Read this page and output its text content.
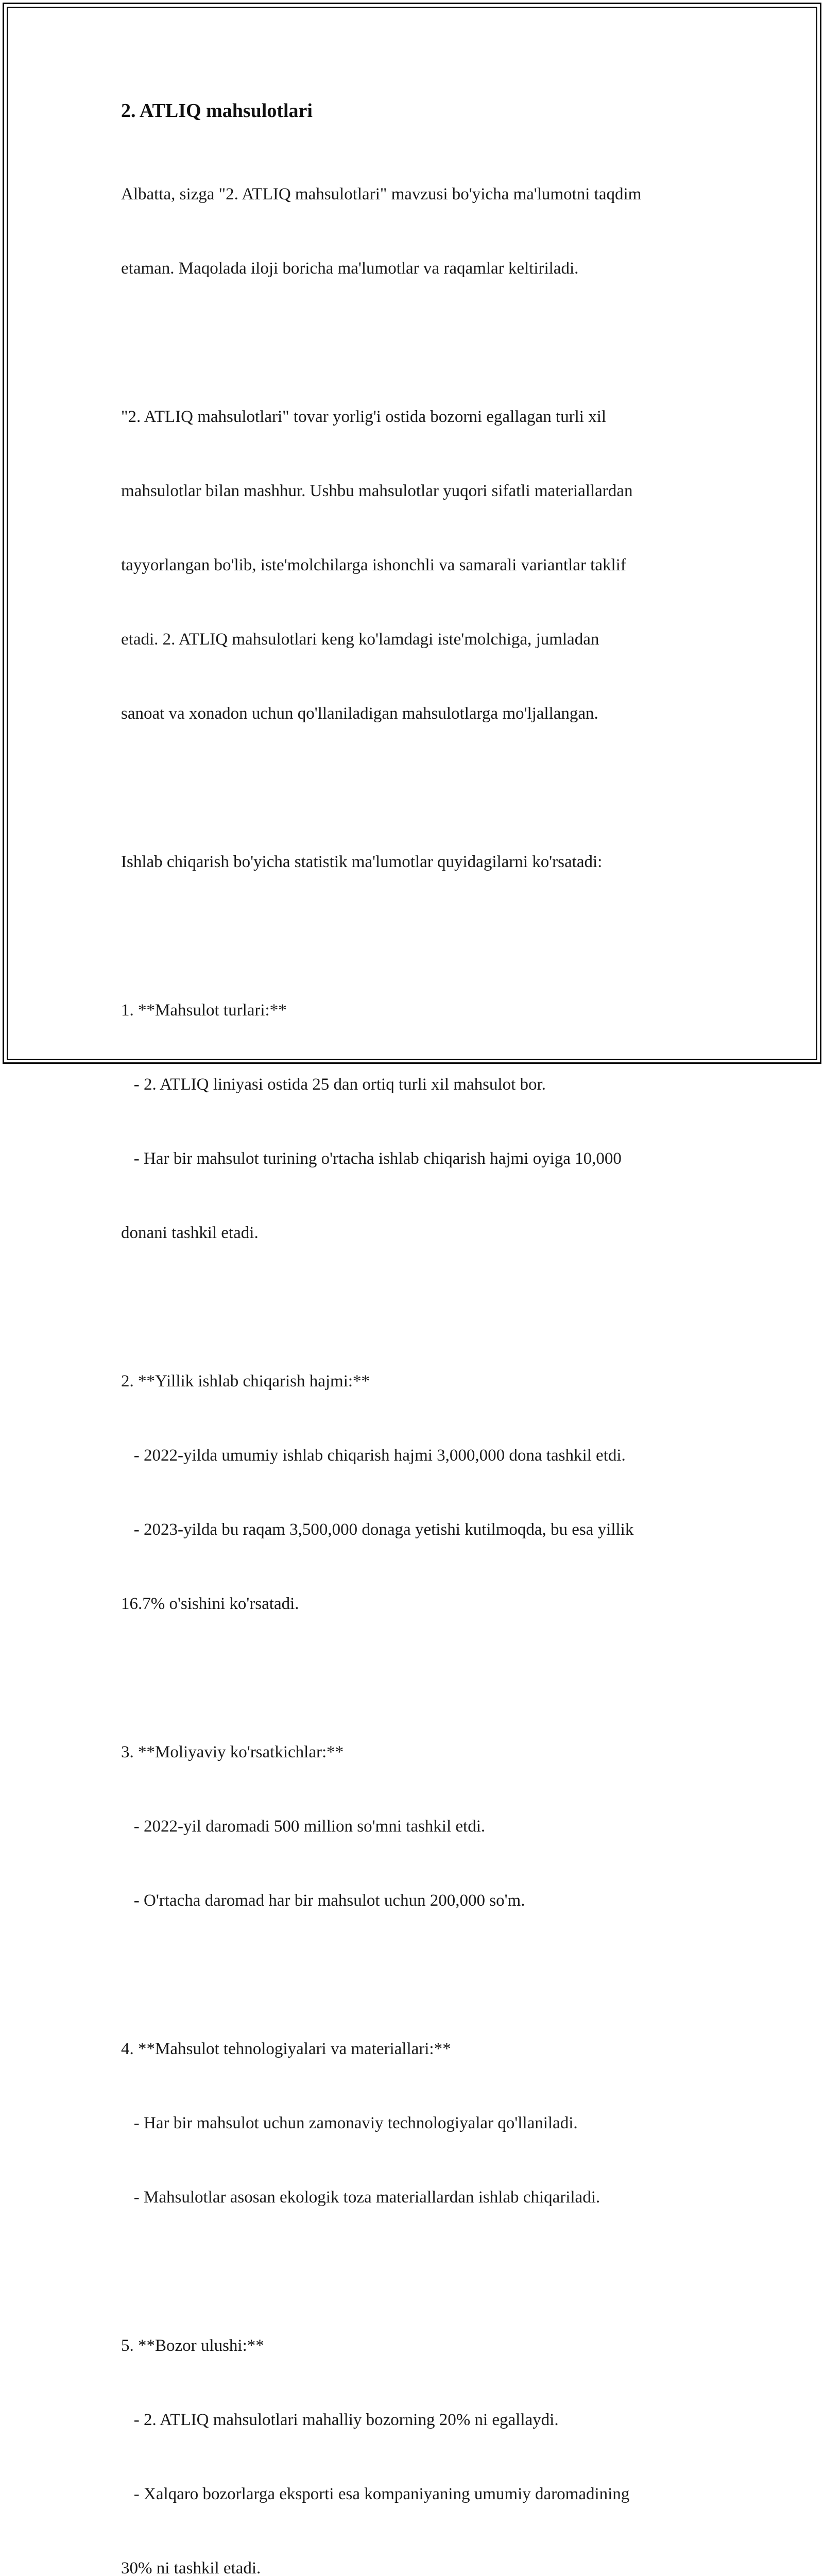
2. ATLIQ mahsulotlari

Albatta, sizga "2. ATLIQ mahsulotlari" mavzusi bo'yicha ma'lumotni taqdim

etaman. Maqolada iloji boricha ma'lumotlar va raqamlar keltiriladi.

"2. ATLIQ mahsulotlari" tovar yorlig'i ostida bozorni egallagan turli xil

mahsulotlar bilan mashhur. Ushbu mahsulotlar yuqori sifatli materiallardan

tayyorlangan bo'lib, iste'molchilarga ishonchli va samarali variantlar taklif

etadi. 2. ATLIQ mahsulotlari keng ko'lamdagi iste'molchiga, jumladan

sanoat va xonadon uchun qo'llaniladigan mahsulotlarga mo'ljallangan.

Ishlab chiqarish bo'yicha statistik ma'lumotlar quyidagilarni ko'rsatadi:

1. **Mahsulot turlari:**

- 2. ATLIQ liniyasi ostida 25 dan ortiq turli xil mahsulot bor.

- Har bir mahsulot turining o'rtacha ishlab chiqarish hajmi oyiga 10,000

donani tashkil etadi.

2. **Yillik ishlab chiqarish hajmi:**

- 2022-yilda umumiy ishlab chiqarish hajmi 3,000,000 dona tashkil etdi.

- 2023-yilda bu raqam 3,500,000 donaga yetishi kutilmoqda, bu esa yillik

16.7% o'sishini ko'rsatadi.

3. **Moliyaviy ko'rsatkichlar:**

- 2022-yil daromadi 500 million so'mni tashkil etdi.

- O'rtacha daromad har bir mahsulot uchun 200,000 so'm.

4. **Mahsulot tehnologiyalari va materiallari:**

- Har bir mahsulot uchun zamonaviy technologiyalar qo'llaniladi.

- Mahsulotlar asosan ekologik toza materiallardan ishlab chiqariladi.

5. **Bozor ulushi:**

- 2. ATLIQ mahsulotlari mahalliy bozorning 20% ni egallaydi.

- Xalqaro bozorlarga eksporti esa kompaniyaning umumiy daromadining

30% ni tashkil etadi.
